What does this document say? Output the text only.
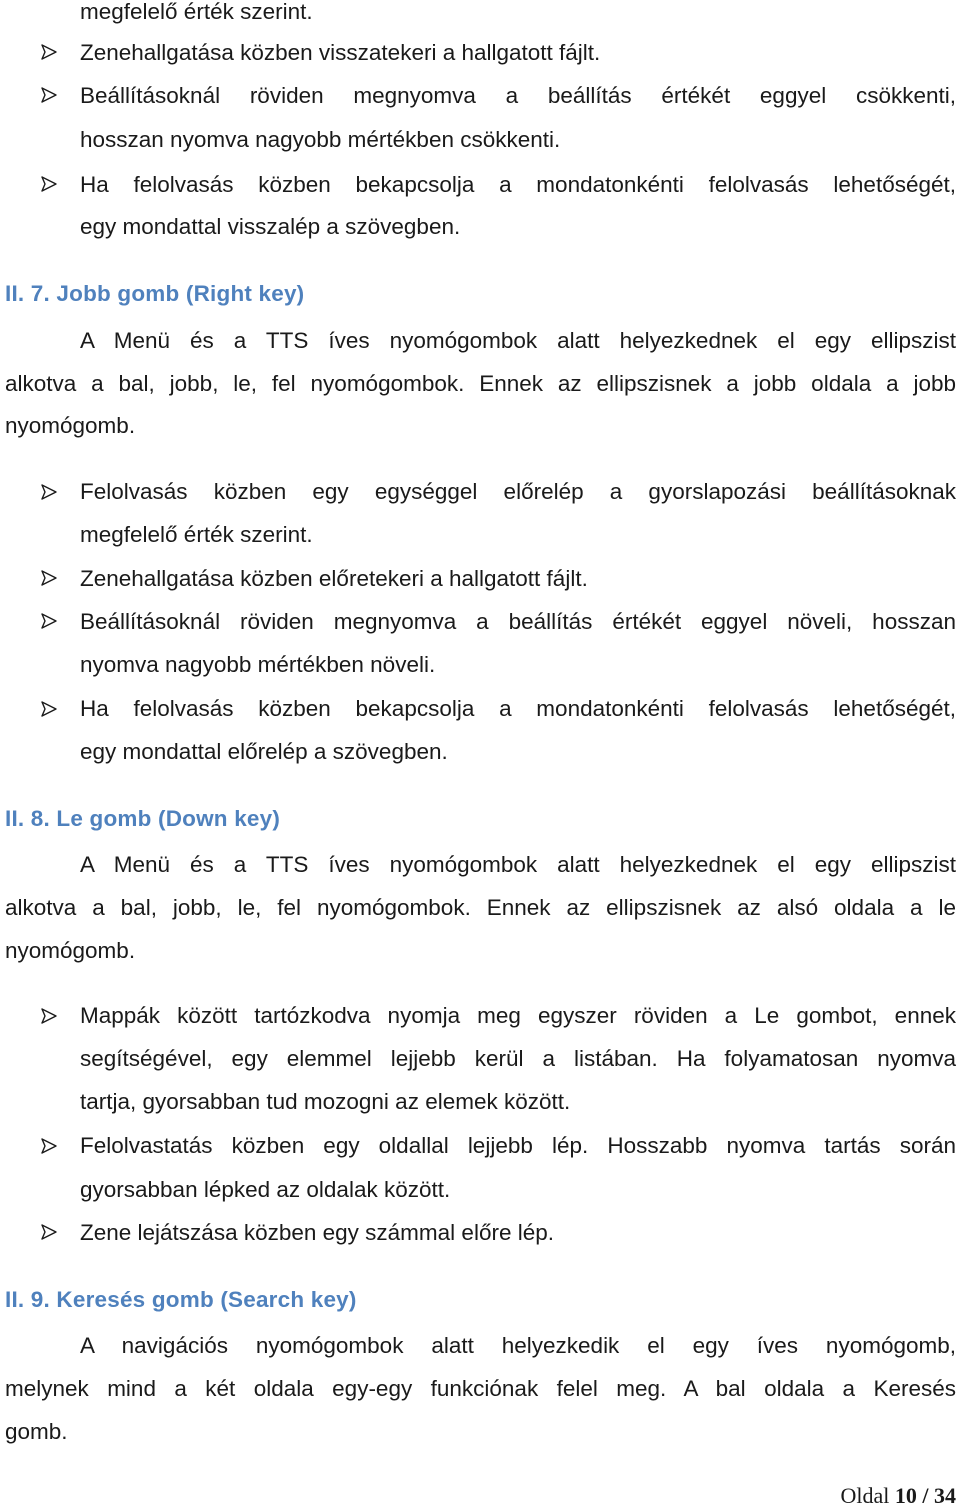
megfelelő érték szerint.
Zenehallgatása közben visszatekeri a hallgatott fájlt.
Beállításoknál röviden megnyomva a beállítás értékét eggyel csökkenti,
hosszan nyomva nagyobb mértékben csökkenti.
Ha felolvasás közben bekapcsolja a mondatonkénti felolvasás lehetőségét,
egy mondattal visszalép a szövegben.
II. 7. Jobb gomb (Right key)
A Menü és a TTS íves nyomógombok alatt helyezkednek el egy ellipszist
alkotva a bal, jobb, le, fel nyomógombok. Ennek az ellipszisnek a jobb oldala a jobb
nyomógomb.
Felolvasás közben egy egységgel előrelép a gyorslapozási beállításoknak
megfelelő érték szerint.
Zenehallgatása közben előretekeri a hallgatott fájlt.
Beállításoknál röviden megnyomva a beállítás értékét eggyel növeli, hosszan
nyomva nagyobb mértékben növeli.
Ha felolvasás közben bekapcsolja a mondatonkénti felolvasás lehetőségét,
egy mondattal előrelép a szövegben.
II. 8. Le gomb (Down key)
A Menü és a TTS íves nyomógombok alatt helyezkednek el egy ellipszist
alkotva a bal, jobb, le, fel nyomógombok. Ennek az ellipszisnek az alsó oldala a le
nyomógomb.
Mappák között tartózkodva nyomja meg egyszer röviden a Le gombot, ennek
segítségével, egy elemmel lejjebb kerül a listában. Ha folyamatosan nyomva
tartja, gyorsabban tud mozogni az elemek között.
Felolvastatás közben egy oldallal lejjebb lép. Hosszabb nyomva tartás során
gyorsabban lépked az oldalak között.
Zene lejátszása közben egy számmal előre lép.
II. 9. Keresés gomb (Search key)
A navigációs nyomógombok alatt helyezkedik el egy íves nyomógomb,
melynek mind a két oldala egy-egy funkciónak felel meg. A bal oldala a Keresés
gomb.
Oldal 10 / 34
